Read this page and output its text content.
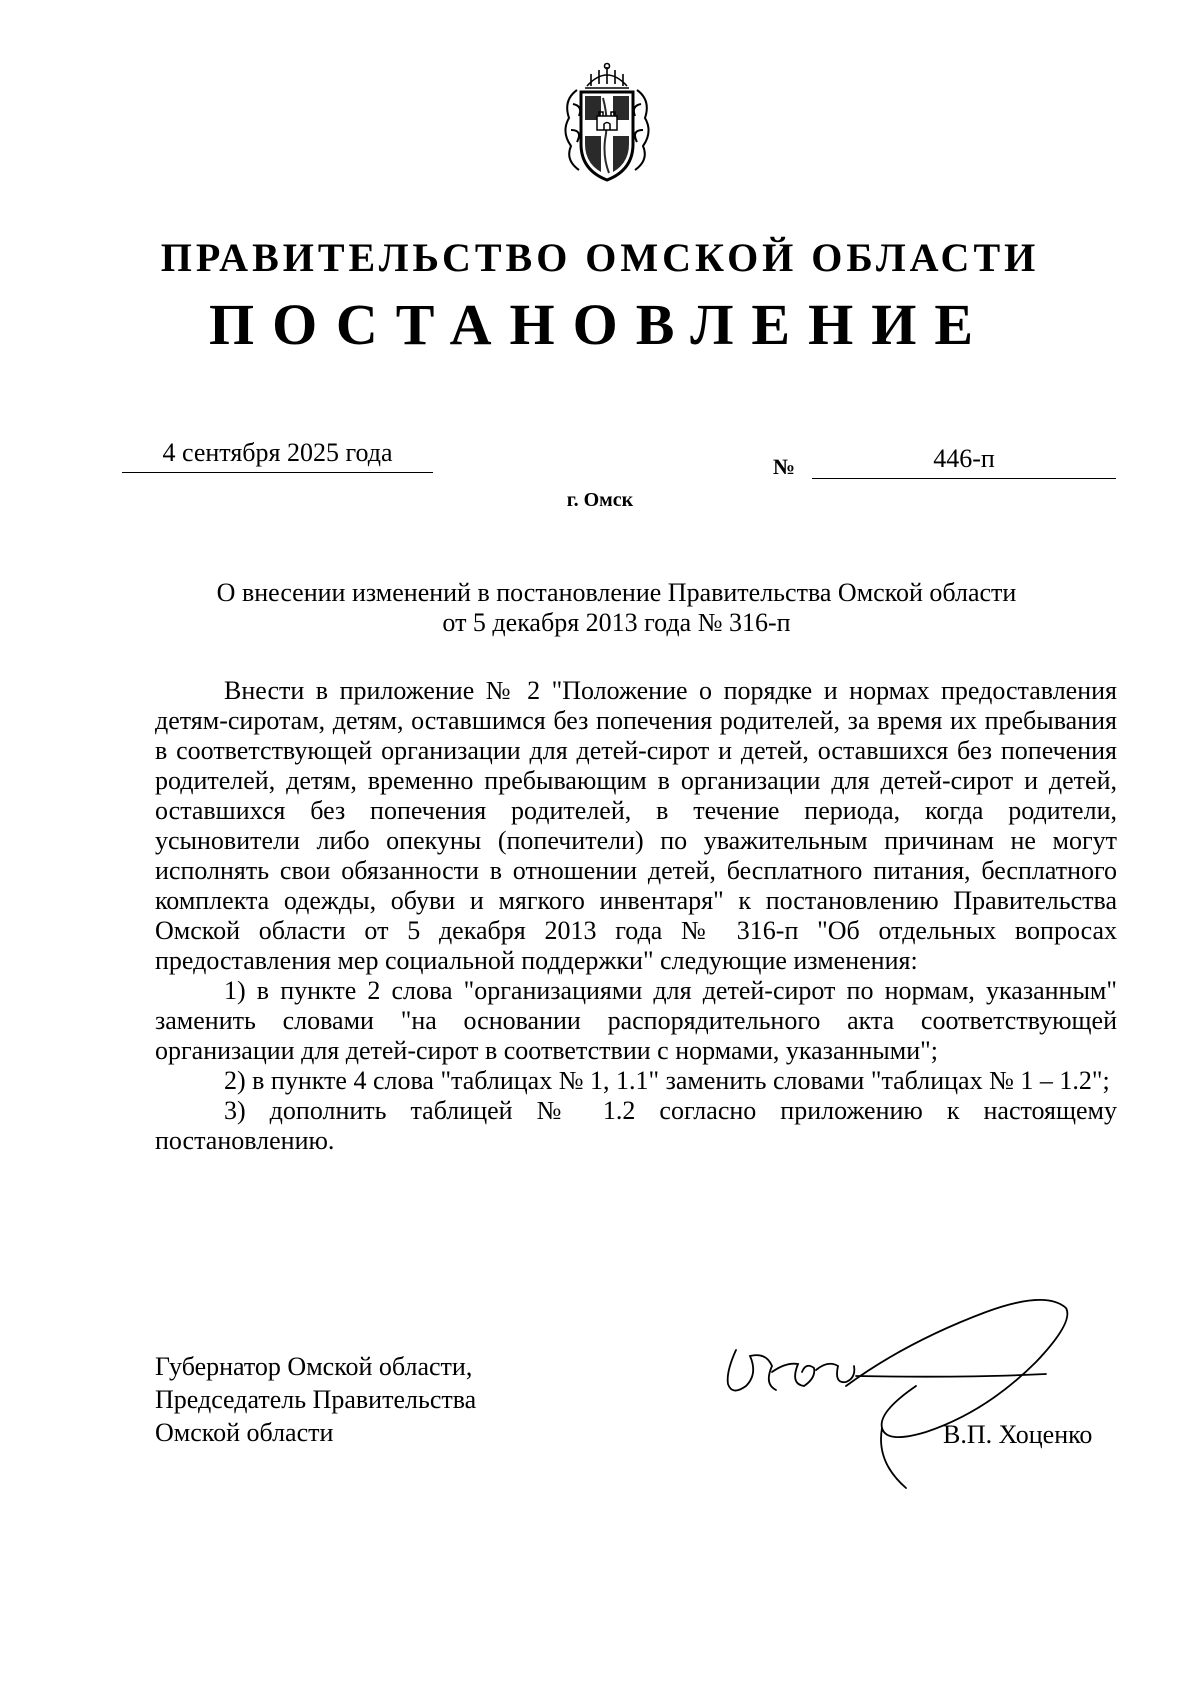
ПРАВИТЕЛЬСТВО ОМСКОЙ ОБЛАСТИ
ПОСТАНОВЛЕНИЕ
4 сентября 2025 года	№	446-п
г. Омск
О внесении изменений в постановление Правительства Омской области
от 5 декабря 2013 года № 316-п

Внести в приложение № 2 "Положение о порядке и нормах предоставления детям-сиротам, детям, оставшимся без попечения родителей, за время их пребывания в соответствующей организации для детей-сирот и детей, оставшихся без попечения родителей, детям, временно пребывающим в организации для детей-сирот и детей, оставшихся без попечения родителей, в течение периода, когда родители, усыновители либо опекуны (попечители) по уважительным причинам не могут исполнять свои обязанности в отношении детей, бесплатного питания, бесплатного комплекта одежды, обуви и мягкого инвентаря" к постановлению Правительства Омской области от 5 декабря 2013 года № 316-п "Об отдельных вопросах предоставления мер социальной поддержки" следующие изменения:

1) в пункте 2 слова "организациями для детей-сирот по нормам, указанным" заменить словами "на основании распорядительного акта соответствующей организации для детей-сирот в соответствии с нормами, указанными";

2) в пункте 4 слова "таблицах № 1, 1.1" заменить словами "таблицах № 1 – 1.2";

3) дополнить таблицей № 1.2 согласно приложению к настоящему постановлению.

Губернатор Омской области,
Председатель Правительства
Омской области	В.П. Хоценко
